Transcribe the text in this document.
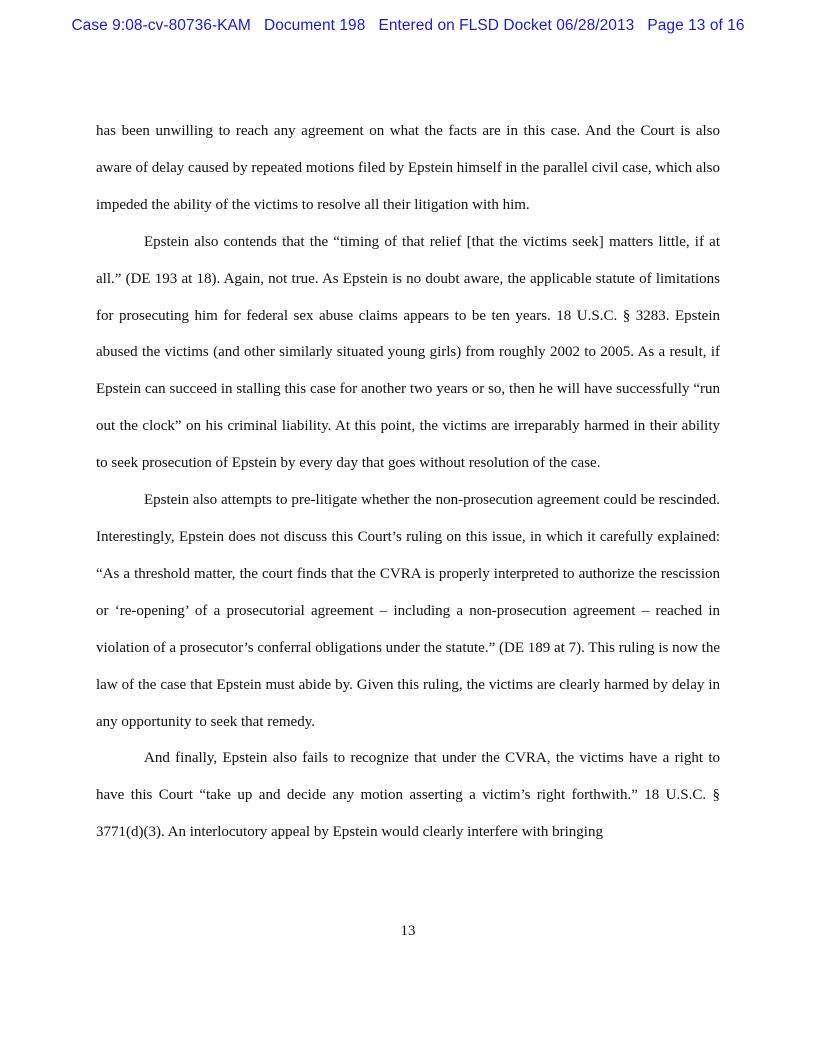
Case 9:08-cv-80736-KAM Document 198 Entered on FLSD Docket 06/28/2013 Page 13 of 16

has been unwilling to reach any agreement on what the facts are in this case. And the Court is also aware of delay caused by repeated motions filed by Epstein himself in the parallel civil case, which also impeded the ability of the victims to resolve all their litigation with him.

Epstein also contends that the “timing of that relief [that the victims seek] matters little, if at all.” (DE 193 at 18). Again, not true. As Epstein is no doubt aware, the applicable statute of limitations for prosecuting him for federal sex abuse claims appears to be ten years. 18 U.S.C. § 3283. Epstein abused the victims (and other similarly situated young girls) from roughly 2002 to 2005. As a result, if Epstein can succeed in stalling this case for another two years or so, then he will have successfully “run out the clock” on his criminal liability. At this point, the victims are irreparably harmed in their ability to seek prosecution of Epstein by every day that goes without resolution of the case.

Epstein also attempts to pre-litigate whether the non-prosecution agreement could be rescinded. Interestingly, Epstein does not discuss this Court’s ruling on this issue, in which it carefully explained: “As a threshold matter, the court finds that the CVRA is properly interpreted to authorize the rescission or ‘re-opening’ of a prosecutorial agreement – including a non-prosecution agreement – reached in violation of a prosecutor’s conferral obligations under the statute.” (DE 189 at 7). This ruling is now the law of the case that Epstein must abide by. Given this ruling, the victims are clearly harmed by delay in any opportunity to seek that remedy.

And finally, Epstein also fails to recognize that under the CVRA, the victims have a right to have this Court “take up and decide any motion asserting a victim’s right forthwith.” 18 U.S.C. § 3771(d)(3). An interlocutory appeal by Epstein would clearly interfere with bringing

13
